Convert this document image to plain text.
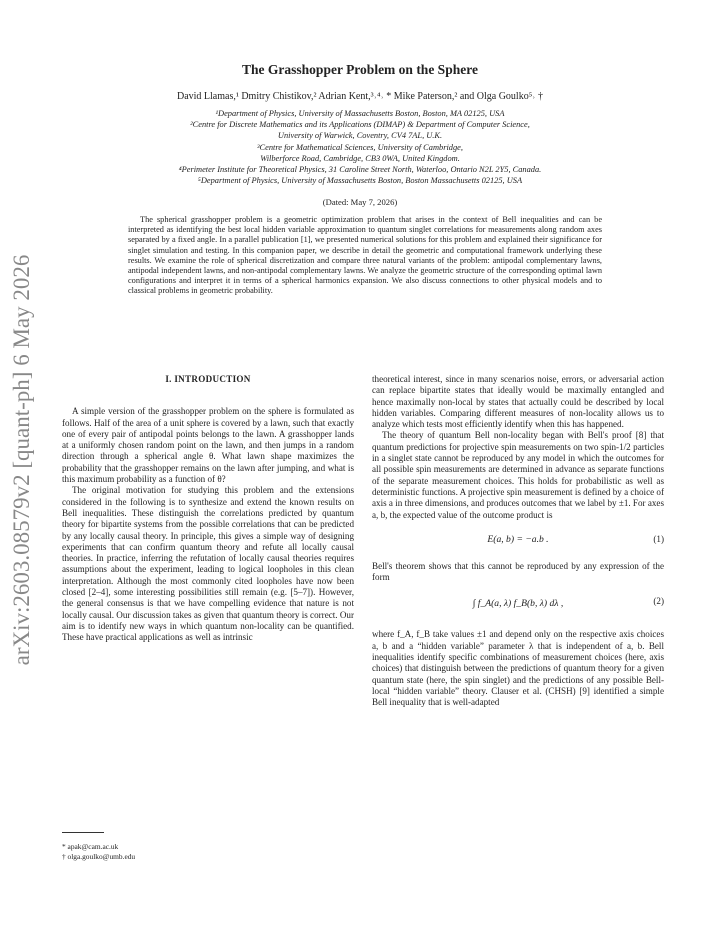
arXiv:2603.08579v2 [quant-ph] 6 May 2026
The Grasshopper Problem on the Sphere
David Llamas,¹ Dmitry Chistikov,² Adrian Kent,³˒⁴˒ * Mike Paterson,² and Olga Goulko⁵˒ †
¹Department of Physics, University of Massachusetts Boston, Boston, MA 02125, USA
²Centre for Discrete Mathematics and its Applications (DIMAP) & Department of Computer Science,
University of Warwick, Coventry, CV4 7AL, U.K.
³Centre for Mathematical Sciences, University of Cambridge,
Wilberforce Road, Cambridge, CB3 0WA, United Kingdom.
⁴Perimeter Institute for Theoretical Physics, 31 Caroline Street North, Waterloo, Ontario N2L 2Y5, Canada.
⁵Department of Physics, University of Massachusetts Boston, Boston Massachusetts 02125, USA
(Dated: May 7, 2026)
The spherical grasshopper problem is a geometric optimization problem that arises in the context of Bell inequalities and can be interpreted as identifying the best local hidden variable approximation to quantum singlet correlations for measurements along random axes separated by a fixed angle. In a parallel publication [1], we presented numerical solutions for this problem and explained their significance for singlet simulation and testing. In this companion paper, we describe in detail the geometric and computational framework underlying these results. We examine the role of spherical discretization and compare three natural variants of the problem: antipodal complementary lawns, antipodal independent lawns, and non-antipodal complementary lawns. We analyze the geometric structure of the corresponding optimal lawn configurations and interpret it in terms of a spherical harmonics expansion. We also discuss connections to other physical models and to classical problems in geometric probability.
I. INTRODUCTION

A simple version of the grasshopper problem on the sphere is formulated as follows. Half of the area of a unit sphere is covered by a lawn, such that exactly one of every pair of antipodal points belongs to the lawn. A grasshopper lands at a uniformly chosen random point on the lawn, and then jumps in a random direction through a spherical angle θ. What lawn shape maximizes the probability that the grasshopper remains on the lawn after jumping, and what is this maximum probability as a function of θ?

The original motivation for studying this problem and the extensions considered in the following is to synthesize and extend the known results on Bell inequalities. These distinguish the correlations predicted by quantum theory for bipartite systems from the possible correlations that can be predicted by any locally causal theory. In principle, this gives a simple way of designing experiments that can confirm quantum theory and refute all locally causal theories. In practice, inferring the refutation of locally causal theories requires assumptions about the experiment, leading to logical loopholes in this clean interpretation. Although the most commonly cited loopholes have now been closed [2–4], some interesting possibilities still remain (e.g. [5–7]). However, the general consensus is that we have compelling evidence that nature is not locally causal. Our discussion takes as given that quantum theory is correct. Our aim is to identify new ways in which quantum non-locality can be quantified. These have practical applications as well as intrinsic

theoretical interest, since in many scenarios noise, errors, or adversarial action can replace bipartite states that ideally would be maximally entangled and hence maximally non-local by states that actually could be described by local hidden variables. Comparing different measures of non-locality allows us to analyze which tests most efficiently identify when this has happened.

The theory of quantum Bell non-locality began with Bell's proof [8] that quantum predictions for projective spin measurements on two spin-1/2 particles in a singlet state cannot be reproduced by any model in which the outcomes for all possible spin measurements are determined in advance as separate functions of the separate measurement choices. This holds for probabilistic as well as deterministic functions. A projective spin measurement is defined by a choice of axis a in three dimensions, and produces outcomes that we label by ±1. For axes a, b, the expected value of the outcome product is

E(a, b) = −a.b .	(1)

Bell's theorem shows that this cannot be reproduced by any expression of the form

∫ f_A(a, λ) f_B(b, λ) dλ ,	(2)

where f_A, f_B take values ±1 and depend only on the respective axis choices a, b and a “hidden variable” parameter λ that is independent of a, b. Bell inequalities identify specific combinations of measurement choices (here, axis choices) that distinguish between the predictions of quantum theory for a given quantum state (here, the spin singlet) and the predictions of any possible Bell-local “hidden variable” theory. Clauser et al. (CHSH) [9] identified a simple Bell inequality that is well-adapted

* apak@cam.ac.uk
† olga.goulko@umb.edu
